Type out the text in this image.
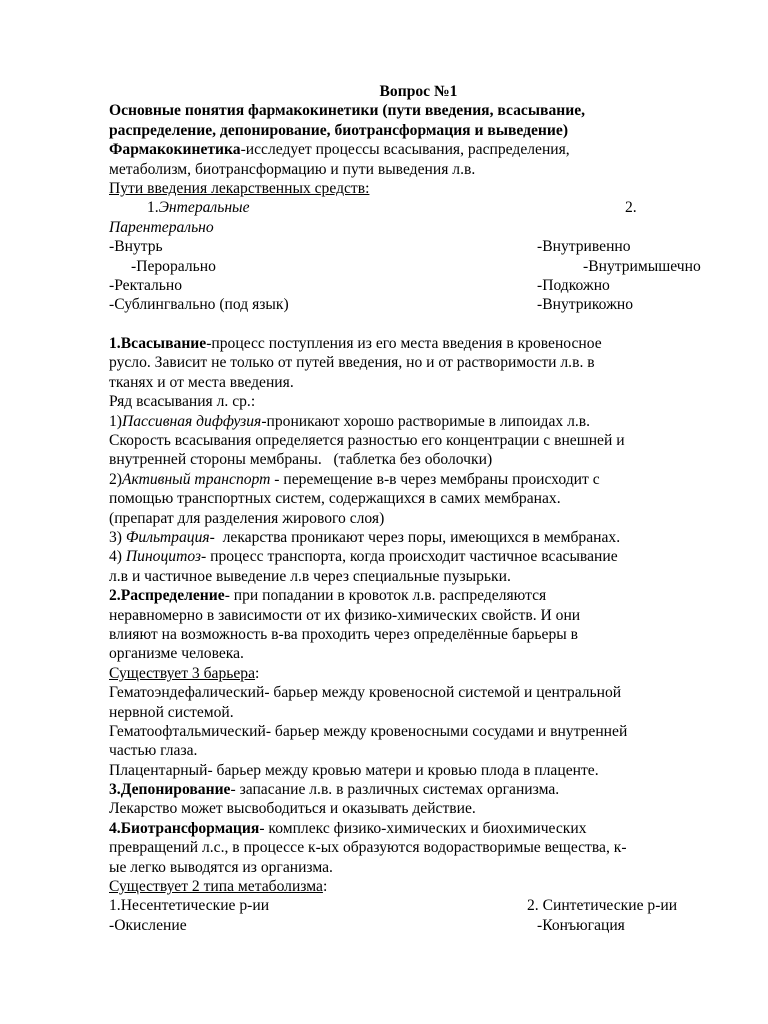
Вопрос №1
Основные понятия фармакокинетики (пути введения, всасывание,
распределение, депонирование, биотрансформация и выведение)
Фармакокинетика-исследует процессы всасывания, распределения,
метаболизм, биотрансформацию и пути выведения л.в.
Пути введения лекарственных средств:
1.Энтеральные	2.
Парентерально
-Внутрь	-Внутривенно
-Перорально	-Внутримышечно
-Ректально	-Подкожно
-Сублингвально (под язык)	-Внутрикожно
1.Всасывание-процесс поступления из его места введения в кровеносное
русло. Зависит не только от путей введения, но и от растворимости л.в. в
тканях и от места введения.
Ряд всасывания л. ср.:
1)Пассивная диффузия-проникают хорошо растворимые в липоидах л.в.
Скорость всасывания определяется разностью его концентрации с внешней и
внутренней стороны мембраны.   (таблетка без оболочки)
2)Активный транспорт - перемещение в-в через мембраны происходит с
помощью транспортных систем, содержащихся в самих мембранах.
(препарат для разделения жирового слоя)
3) Фильтрация-  лекарства проникают через поры, имеющихся в мембранах.
4) Пиноцитоз- процесс транспорта, когда происходит частичное всасывание
л.в и частичное выведение л.в через специальные пузырьки.
2.Распределение- при попадании в кровоток л.в. распределяются
неравномерно в зависимости от их физико-химических свойств. И они
влияют на возможность в-ва проходить через определённые барьеры в
организме человека.
Существует 3 барьера:
Гематоэндефалический- барьер между кровеносной системой и центральной
нервной системой.
Гематоофтальмический- барьер между кровеносными сосудами и внутренней
частью глаза.
Плацентарный- барьер между кровью матери и кровью плода в плаценте.
3.Депонирование- запасание л.в. в различных системах организма.
Лекарство может высвободиться и оказывать действие.
4.Биотрансформация- комплекс физико-химических и биохимических
превращений л.с., в процессе к-ых образуются водорастворимые вещества, к-
ые легко выводятся из организма.
Существует 2 типа метаболизма:
1.Несентетические р-ии	2. Синтетические р-ии
-Окисление	-Конъюгация
